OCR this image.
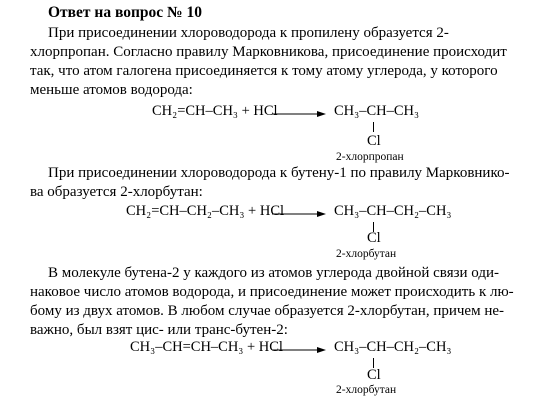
Ответ на вопрос № 10
При присоединении хлороводорода к пропилену образуется 2-
хлорпропан. Согласно правилу Марковникова, присоединение происходит
так, что атом галогена присоединяется к тому атому углерода, у которого
меньше атомов водорода:
CH₂=CH–CH₃ + HCl → CH₃–CH–CH₃
Cl
2-хлорпропан
При присоединении хлороводорода к бутену-1 по правилу Марковнико-
ва образуется 2-хлорбутан:
CH₂=CH–CH₂–CH₃ + HCl → CH₃–CH–CH₂–CH₃
Cl
2-хлорбутан
В молекуле бутена-2 у каждого из атомов углерода двойной связи оди-
наковое число атомов водорода, и присоединение может происходить к лю-
бому из двух атомов. В любом случае образуется 2-хлорбутан, причем не-
важно, был взят цис- или транс-бутен-2:
CH₃–CH=CH–CH₃ + HCl → CH₃–CH–CH₂–CH₃
Cl
2-хлорбутан
